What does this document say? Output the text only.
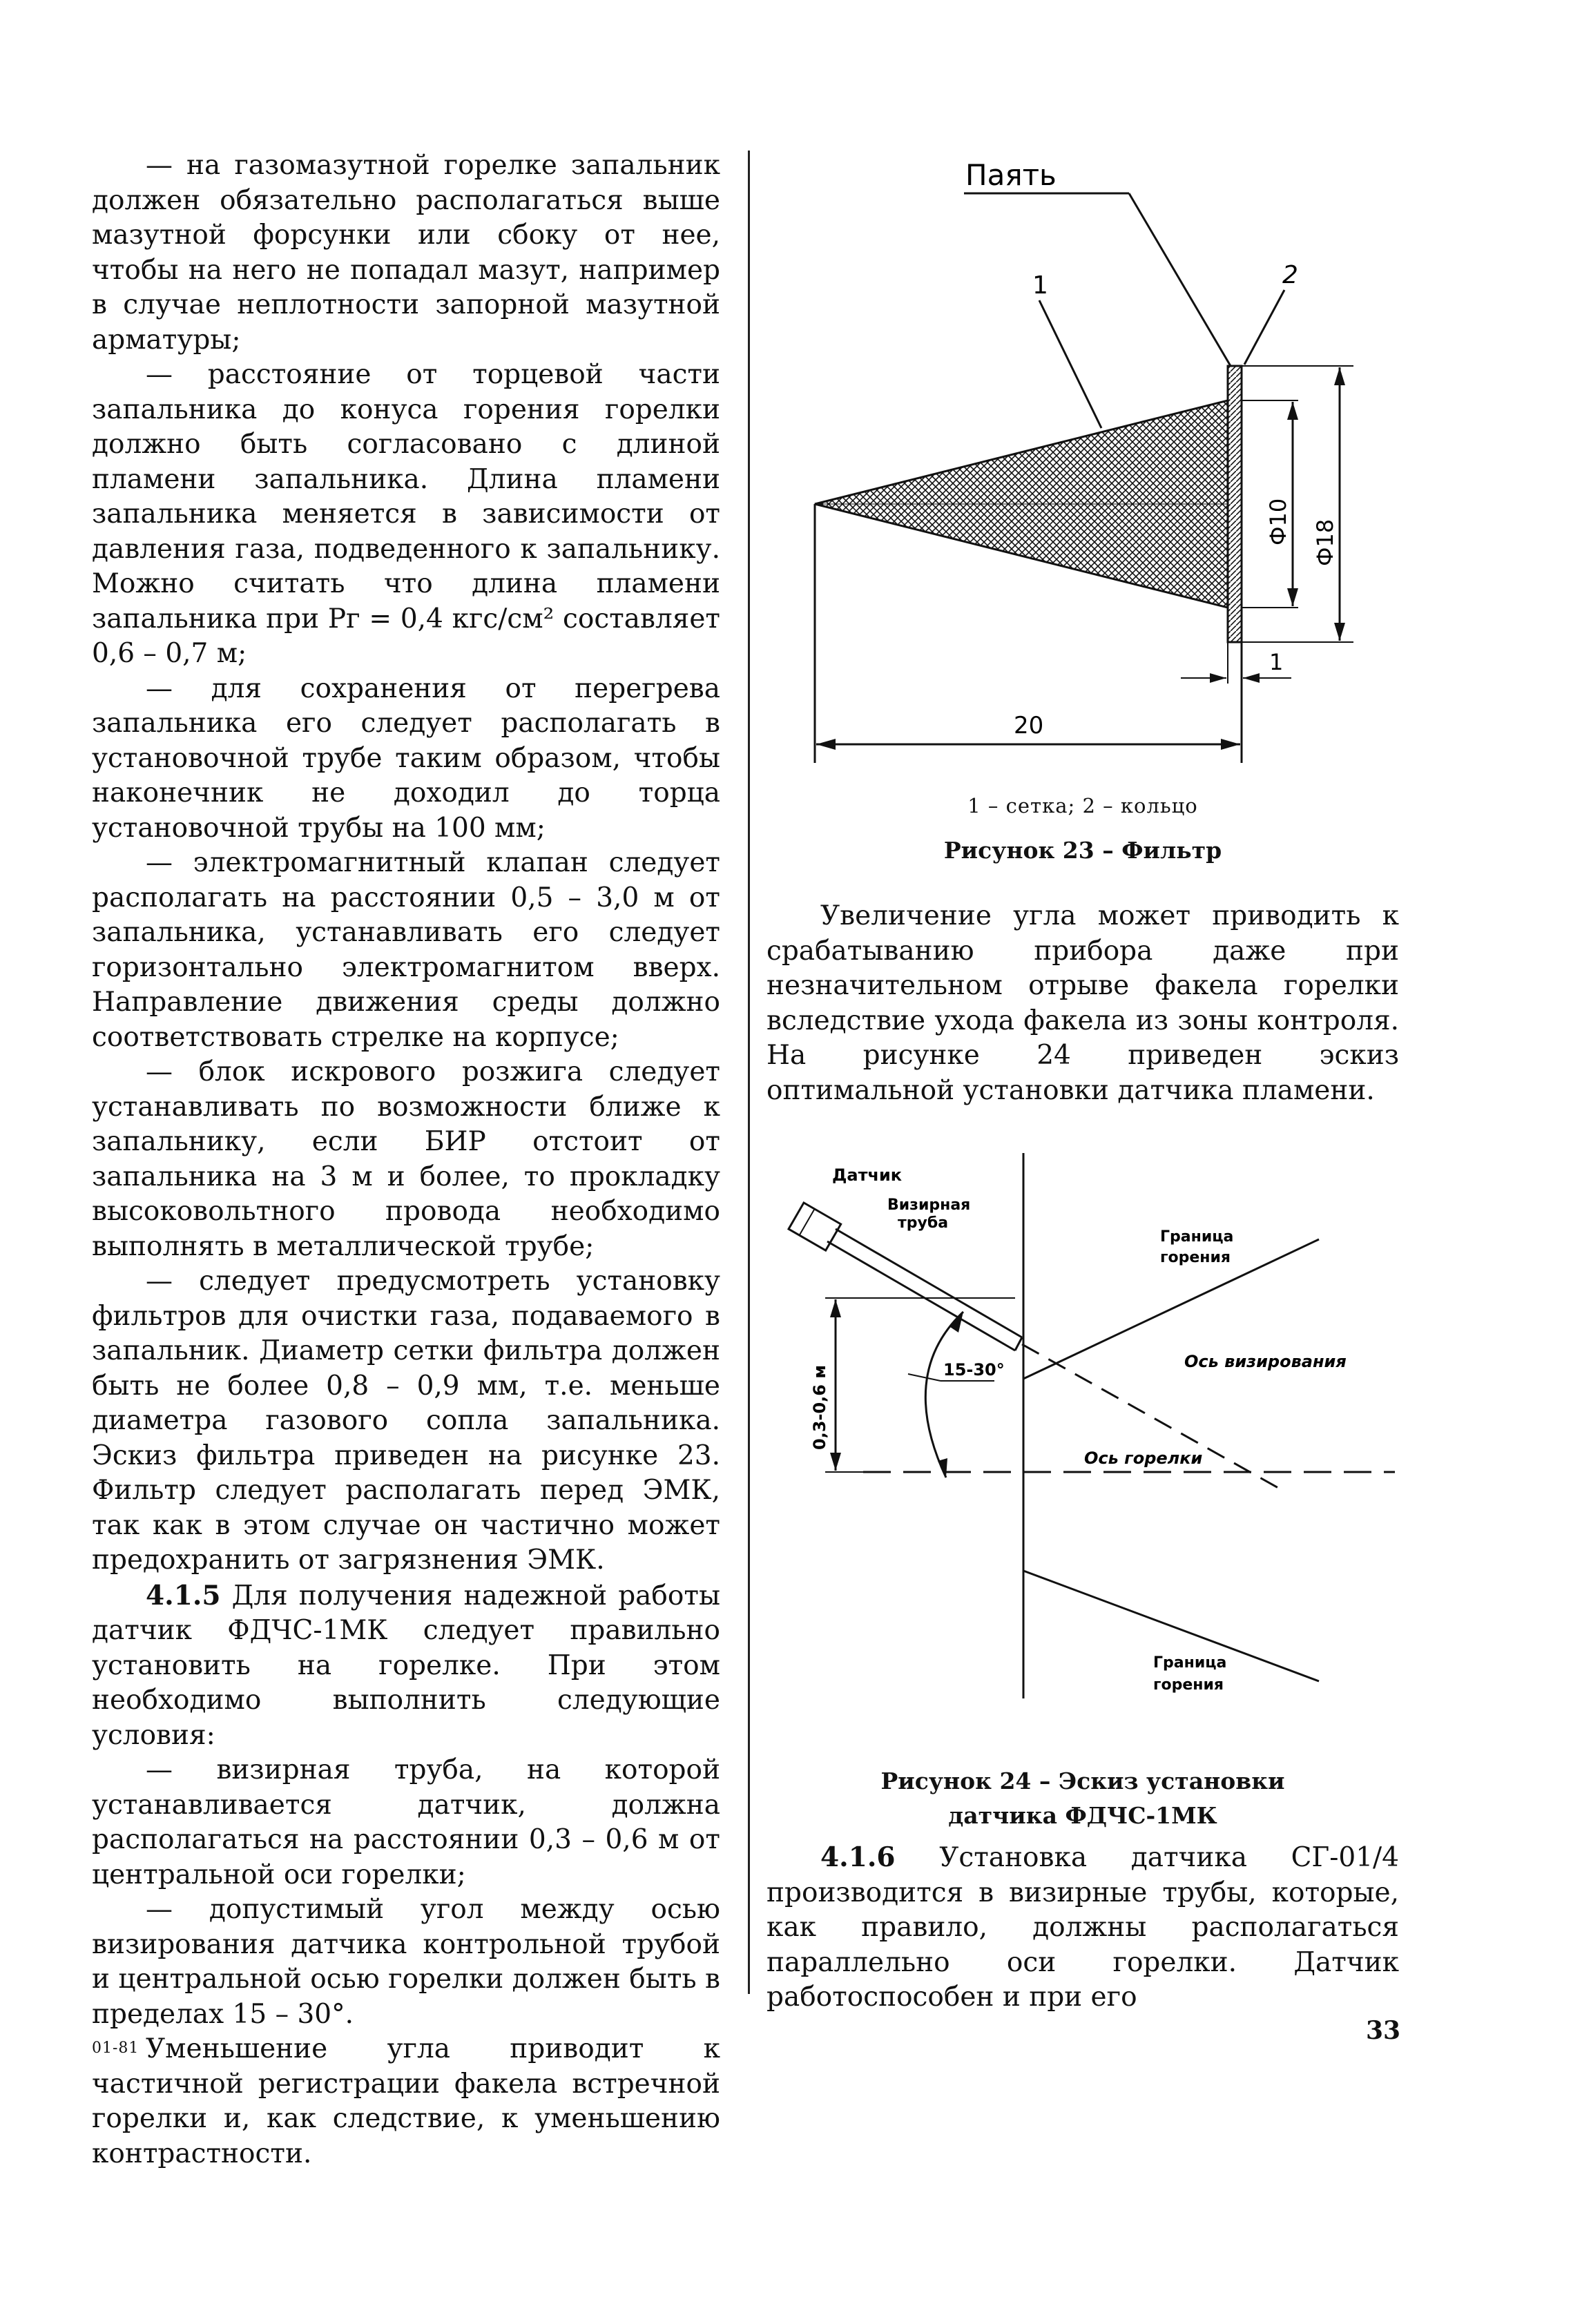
— на газомазутной горелке запальник должен обязательно располагаться выше мазутной форсунки или сбоку от нее, чтобы на него не попадал мазут, например в случае неплотности запорной мазутной арматуры;

— расстояние от торцевой части запальника до конуса горения горелки должно быть согласовано с длиной пламени запальника. Длина пламени запальника меняется в зависимости от давления газа, подведенного к запальнику. Можно считать что длина пламени запальника при Pг = 0,4 кгс/см² составляет 0,6 – 0,7 м;

— для сохранения от перегрева запальника его следует располагать в установочной трубе таким образом, чтобы наконечник не доходил до торца установочной трубы на 100 мм;

— электромагнитный клапан следует располагать на расстоянии 0,5 – 3,0 м от запальника, устанавливать его следует горизонтально электромагнитом вверх. Направление движения среды должно соответствовать стрелке на корпусе;

— блок искрового розжига следует устанавливать по возможности ближе к запальнику, если БИР отстоит от запальника на 3 м и более, то прокладку высоковольтного провода необходимо выполнять в металлической трубе;

— следует предусмотреть установку фильтров для очистки газа, подаваемого в запальник. Диаметр сетки фильтра должен быть не более 0,8 – 0,9 мм, т.е. меньше диаметра газового сопла запальника. Эскиз фильтра приведен на рисунке 23. Фильтр следует располагать перед ЭМК, так как в этом случае он частично может предохранить от загрязнения ЭМК.

4.1.5 Для получения надежной работы датчик ФДЧС-1МК следует правильно установить на горелке. При этом необходимо выполнить следующие условия:

— визирная труба, на которой устанавливается датчик, должна располагаться на расстоянии 0,3 – 0,6 м от центральной оси горелки;

— допустимый угол между осью визирования датчика контрольной трубой и центральной осью горелки должен быть в пределах 15 – 30°.

Уменьшение угла приводит к частичной регистрации факела встречной горелки и, как следствие, к уменьшению контрастности.

Паять
1	2
Ф10 Ф18
1
20
1 – сетка; 2 – кольцо
Рисунок 23 – Фильтр

Увеличение угла может приводить к срабатыванию прибора даже при незначительном отрыве факела горелки вследствие ухода факела из зоны контроля. На рисунке 24 приведен эскиз оптимальной установки датчика пламени.

Датчик
Визирная
труба
Ось визирования
Ось горелки
Граница
горения
Граница
горения
0,3-0,6 м	15-30°
Рисунок 24 – Эскиз установки
датчика ФДЧС-1МК

4.1.6 Установка датчика СГ-01/4 производится в визирные трубы, которые, как правило, должны располагаться параллельно оси горелки. Датчик работоспособен и при его

01-81
33
